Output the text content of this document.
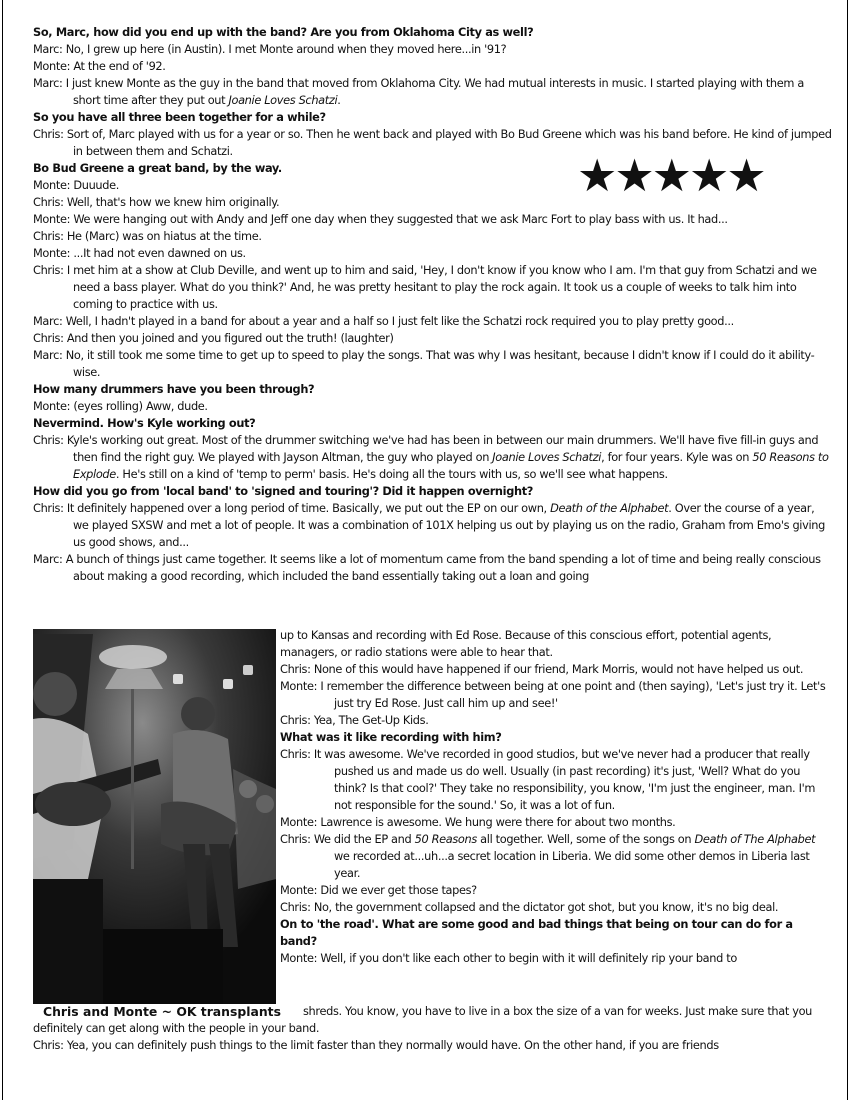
So, Marc, how did you end up with the band? Are you from Oklahoma City as well?
Marc: No, I grew up here (in Austin). I met Monte around when they moved here...in '91?
Monte: At the end of '92.
Marc: I just knew Monte as the guy in the band that moved from Oklahoma City. We had mutual interests in music. I started playing with them a short time after they put out Joanie Loves Schatzi.
So you have all three been together for a while?
Chris: Sort of, Marc played with us for a year or so. Then he went back and played with Bo Bud Greene which was his band before. He kind of jumped in between them and Schatzi.
Bo Bud Greene a great band, by the way.
Monte: Duuude.
Chris: Well, that's how we knew him originally.
Monte: We were hanging out with Andy and Jeff one day when they suggested that we ask Marc Fort to play bass with us. It had...
Chris: He (Marc) was on hiatus at the time.
Monte: ...It had not even dawned on us.
Chris: I met him at a show at Club Deville, and went up to him and said, 'Hey, I don't know if you know who I am. I'm that guy from Schatzi and we need a bass player. What do you think?' And, he was pretty hesitant to play the rock again. It took us a couple of weeks to talk him into coming to practice with us.
Marc: Well, I hadn't played in a band for about a year and a half so I just felt like the Schatzi rock required you to play pretty good...
Chris: And then you joined and you figured out the truth! (laughter)
Marc: No, it still took me some time to get up to speed to play the songs. That was why I was hesitant, because I didn't know if I could do it ability-wise.
How many drummers have you been through?
Monte: (eyes rolling) Aww, dude.
Nevermind. How's Kyle working out?
Chris: Kyle's working out great. Most of the drummer switching we've had has been in between our main drummers. We'll have five fill-in guys and then find the right guy. We played with Jayson Altman, the guy who played on Joanie Loves Schatzi, for four years. Kyle was on 50 Reasons to Explode. He's still on a kind of 'temp to perm' basis. He's doing all the tours with us, so we'll see what happens.
How did you go from 'local band' to 'signed and touring'? Did it happen overnight?
Chris: It definitely happened over a long period of time. Basically, we put out the EP on our own, Death of the Alphabet. Over the course of a year, we played SXSW and met a lot of people. It was a combination of 101X helping us out by playing us on the radio, Graham from Emo's giving us good shows, and...
Marc: A bunch of things just came together. It seems like a lot of momentum came from the band spending a lot of time and being really conscious about making a good recording, which included the band essentially taking out a loan and going
★★★★★
Chris and Monte ~ OK transplants
up to Kansas and recording with Ed Rose. Because of this conscious effort, potential agents, managers, or radio stations were able to hear that.
Chris: None of this would have happened if our friend, Mark Morris, would not have helped us out.
Monte: I remember the difference between being at one point and (then saying), 'Let's just try it. Let's just try Ed Rose. Just call him up and see!'
Chris: Yea, The Get-Up Kids.
What was it like recording with him?
Chris: It was awesome. We've recorded in good studios, but we've never had a producer that really pushed us and made us do well. Usually (in past recording) it's just, 'Well? What do you think? Is that cool?' They take no responsibility, you know, 'I'm just the engineer, man. I'm not responsible for the sound.' So, it was a lot of fun.
Monte: Lawrence is awesome. We hung were there for about two months.
Chris: We did the EP and 50 Reasons all together. Well, some of the songs on Death of The Alphabet we recorded at...uh...a secret location in Liberia. We did some other demos in Liberia last year.
Monte: Did we ever get those tapes?
Chris: No, the government collapsed and the dictator got shot, but you know, it's no big deal.
On to 'the road'. What are some good and bad things that being on tour can do for a band?
Monte: Well, if you don't like each other to begin with it will definitely rip your band to
shreds. You know, you have to live in a box the size of a van for weeks. Just make sure that you definitely can get along with the people in your band.
Chris: Yea, you can definitely push things to the limit faster than they normally would have. On the other hand, if you are friends
